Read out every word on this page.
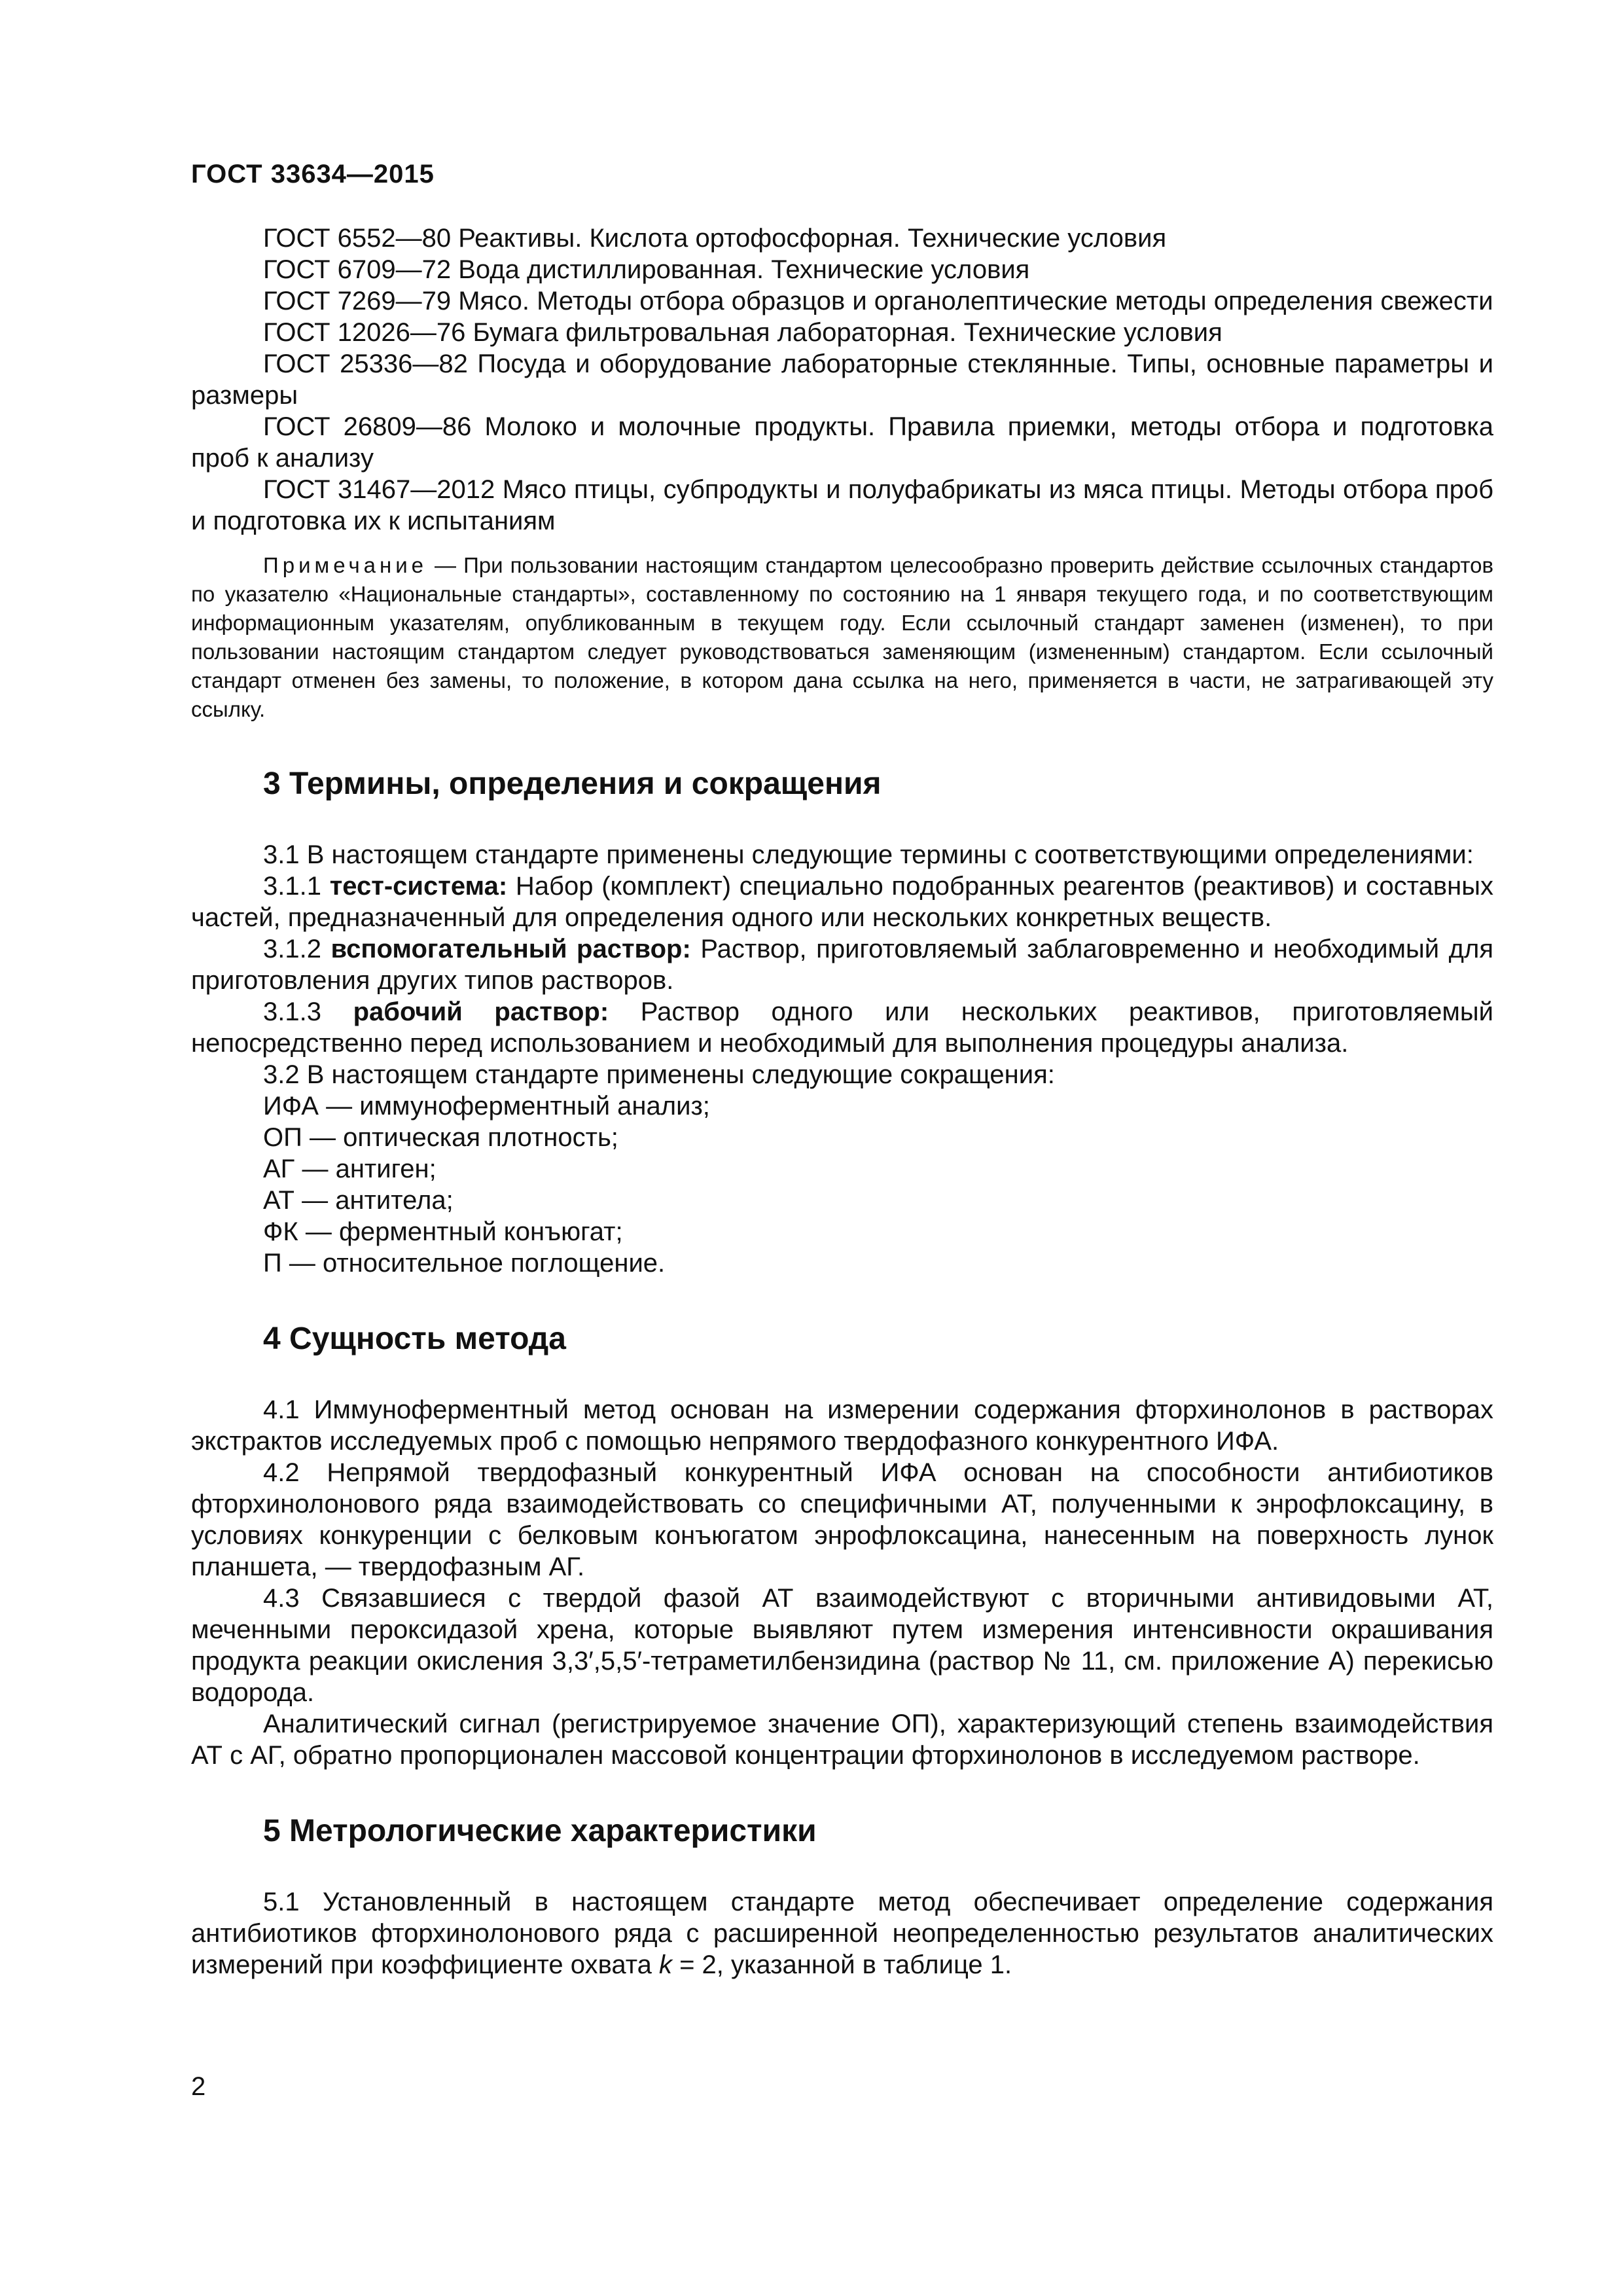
ГОСТ 33634—2015

ГОСТ 6552—80 Реактивы. Кислота ортофосфорная. Технические условия

ГОСТ 6709—72 Вода дистиллированная. Технические условия

ГОСТ 7269—79 Мясо. Методы отбора образцов и органолептические методы определения свежести

ГОСТ 12026—76 Бумага фильтровальная лабораторная. Технические условия

ГОСТ 25336—82 Посуда и оборудование лабораторные стеклянные. Типы, основные параметры и размеры

ГОСТ 26809—86 Молоко и молочные продукты. Правила приемки, методы отбора и подготовка проб к анализу

ГОСТ 31467—2012 Мясо птицы, субпродукты и полуфабрикаты из мяса птицы. Методы отбора проб и подготовка их к испытаниям

Примечание — При пользовании настоящим стандартом целесообразно проверить действие ссылочных стандартов по указателю «Национальные стандарты», составленному по состоянию на 1 января текущего года, и по соответствующим информационным указателям, опубликованным в текущем году. Если ссылочный стандарт заменен (изменен), то при пользовании настоящим стандартом следует руководствоваться заменяющим (измененным) стандартом. Если ссылочный стандарт отменен без замены, то положение, в котором дана ссылка на него, применяется в части, не затрагивающей эту ссылку.

3 Термины, определения и сокращения

3.1 В настоящем стандарте применены следующие термины с соответствующими определениями:

3.1.1 тест-система: Набор (комплект) специально подобранных реагентов (реактивов) и составных частей, предназначенный для определения одного или нескольких конкретных веществ.

3.1.2 вспомогательный раствор: Раствор, приготовляемый заблаговременно и необходимый для приготовления других типов растворов.

3.1.3 рабочий раствор: Раствор одного или нескольких реактивов, приготовляемый непосредственно перед использованием и необходимый для выполнения процедуры анализа.

3.2 В настоящем стандарте применены следующие сокращения:

ИФА — иммуноферментный анализ;

ОП — оптическая плотность;

АГ — антиген;

АТ — антитела;

ФК — ферментный конъюгат;

П — относительное поглощение.

4 Сущность метода

4.1 Иммуноферментный метод основан на измерении содержания фторхинолонов в растворах экстрактов исследуемых проб с помощью непрямого твердофазного конкурентного ИФА.

4.2 Непрямой твердофазный конкурентный ИФА основан на способности антибиотиков фторхинолонового ряда взаимодействовать со специфичными АТ, полученными к энрофлоксацину, в условиях конкуренции с белковым конъюгатом энрофлоксацина, нанесенным на поверхность лунок планшета, — твердофазным АГ.

4.3 Связавшиеся с твердой фазой АТ взаимодействуют с вторичными антивидовыми АТ, меченными пероксидазой хрена, которые выявляют путем измерения интенсивности окрашивания продукта реакции окисления 3,3′,5,5′-тетраметилбензидина (раствор № 11, см. приложение А) перекисью водорода.

Аналитический сигнал (регистрируемое значение ОП), характеризующий степень взаимодействия АТ с АГ, обратно пропорционален массовой концентрации фторхинолонов в исследуемом растворе.

5 Метрологические характеристики

5.1 Установленный в настоящем стандарте метод обеспечивает определение содержания антибиотиков фторхинолонового ряда с расширенной неопределенностью результатов аналитических измерений при коэффициенте охвата k = 2, указанной в таблице 1.

2
